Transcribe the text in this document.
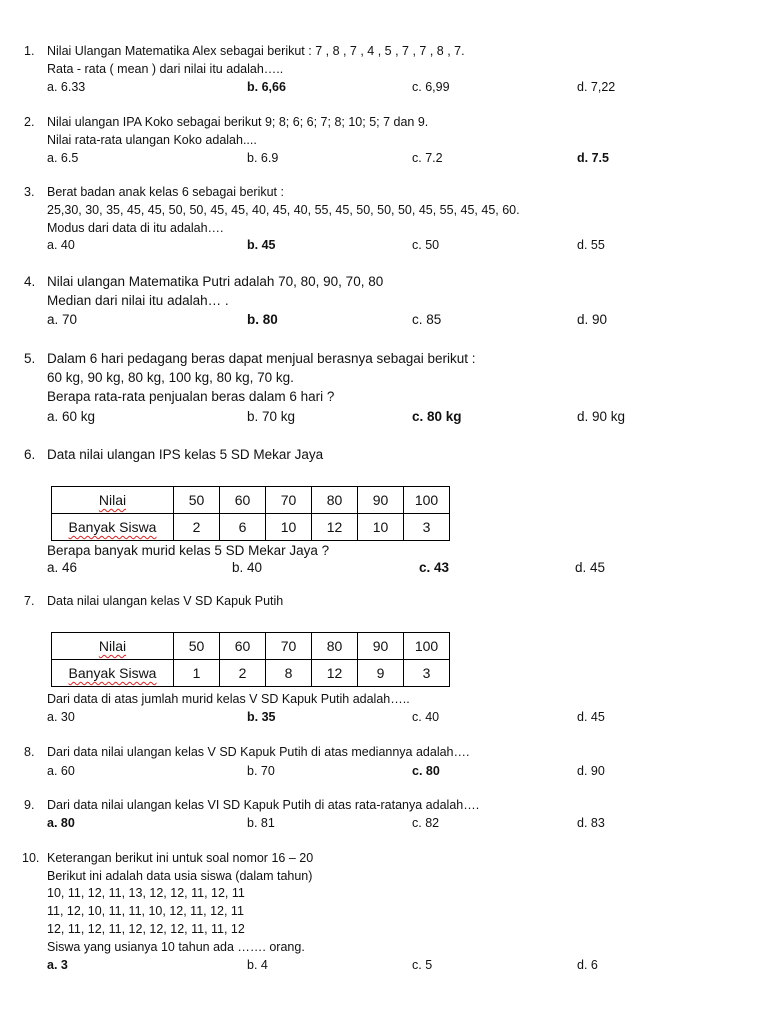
1. Nilai Ulangan Matematika Alex sebagai berikut : 7 , 8 , 7 , 4 , 5 , 7 , 7 , 8 , 7.
Rata - rata ( mean ) dari nilai itu adalah…..
a. 6.33	b. 6,66	c. 6,99	d. 7,22
2. Nilai ulangan IPA Koko sebagai berikut 9; 8; 6; 6; 7; 8; 10; 5; 7 dan 9.
Nilai rata-rata ulangan Koko adalah....
a. 6.5	b. 6.9	c. 7.2	d. 7.5
3. Berat badan anak kelas 6 sebagai berikut :
25,30, 30, 35, 45, 45, 50, 50, 45, 45, 40, 45, 40, 55, 45, 50, 50, 50, 45, 55, 45, 45, 60.
Modus dari data di itu adalah….
a. 40	b. 45	c. 50	d. 55
4. Nilai ulangan Matematika Putri adalah 70, 80, 90, 70, 80
Median dari nilai itu adalah… .
a. 70	b. 80	c. 85	d. 90
5. Dalam 6 hari pedagang beras dapat menjual berasnya sebagai berikut :
60 kg, 90 kg, 80 kg, 100 kg, 80 kg, 70 kg.
Berapa rata-rata penjualan beras dalam 6 hari ?
a. 60 kg	b. 70 kg	c. 80 kg	d. 90 kg
6. Data nilai ulangan IPS kelas 5 SD Mekar Jaya
Nilai	50	60	70	80	90	100
Banyak Siswa	2	6	10	12	10	3
Berapa banyak murid kelas 5 SD Mekar Jaya ?
a. 46	b. 40	c. 43	d. 45
7. Data nilai ulangan kelas V SD Kapuk Putih
Nilai	50	60	70	80	90	100
Banyak Siswa	1	2	8	12	9	3
Dari data di atas jumlah murid kelas V SD Kapuk Putih adalah…..
a. 30	b. 35	c. 40	d. 45
8. Dari data nilai ulangan kelas V SD Kapuk Putih di atas mediannya adalah….
a. 60	b. 70	c. 80	d. 90
9. Dari data nilai ulangan kelas VI SD Kapuk Putih di atas rata-ratanya adalah….
a. 80	b. 81	c. 82	d. 83
10. Keterangan berikut ini untuk soal nomor 16 – 20
Berikut ini adalah data usia siswa (dalam tahun)
10, 11, 12, 11, 13, 12, 12, 11, 12, 11
11, 12, 10, 11, 11, 10, 12, 11, 12, 11
12, 11, 12, 11, 12, 12, 12, 11, 11, 12
Siswa yang usianya 10 tahun ada ……. orang.
a. 3	b. 4	c. 5	d. 6
